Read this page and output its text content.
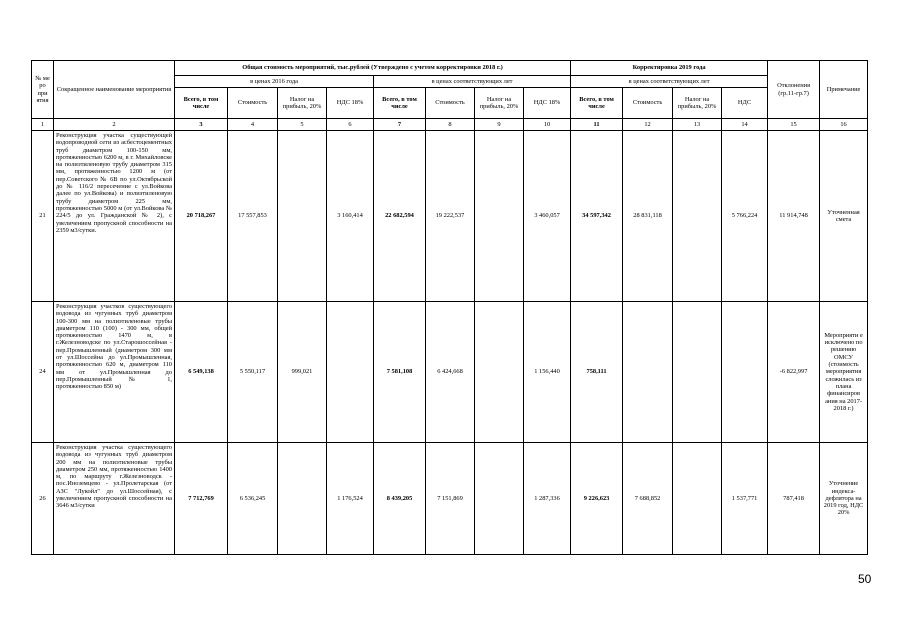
№ ме ро при ятия	Сокращенное наименование мероприятия	Общая стоимость мероприятий, тыс.рублей (Утверждено с учетом корректировки 2018 г.)								Корректировка 2019 года				Отклонения (гр.11-гр.7)	Примечание
		в ценах 2016 года				в ценах соответствующих лет				в ценах соответствующих лет					
		Всего, в том числе	Стоимость	Налог на прибыль, 20%	НДС 18%	Всего, в том числе	Стоимость	Налог на прибыль, 20%	НДС 18%	Всего, в том числе	Стоимость	Налог на прибыль, 20%	НДС		
1	2	3	4	5	6	7	8	9	10	11	12	13	14	15	16
21	Реконструкция участка существующей водопроводной сети из асбестоцементных труб диаметром 100-150 мм, протяженностью 6200 м, в г. Михайловске на полиэтиленовую трубу диаметром 315 мм, протяженностью 1200 м (от пер.Советского № 6В по ул.Октябрьской до № 116/2 пересечение с ул.Войкова далее по ул.Войкова) и полиэтиленовую трубу диаметром 225 мм, протяженностью 5000 м (от ул.Войкова № 224/5 до ул. Гражданской № 2), с увеличением пропускной способности на 2359 м3/сутки.	20 718,267	17 557,853		3 160,414	22 682,594	19 222,537		3 460,057	34 597,342	28 831,118		5 766,224	11 914,748	Уточненная смета
24	Реконструкция участков существующего водовода из чугунных труб диаметром 100-300 мм на полиэтиленовые трубы диаметром 110 (100) - 300 мм, общей протяженностью 1470 м, в г.Железноводске по ул.Старошоссейная - пер.Промышленный (диаметром 300 мм от ул.Шоссейна до ул.Промышленная, протяженностью 620 м, диаметром 110 мм от ул.Промышленная до пер.Промышленный № 1, протяженностью 850 м)	6 549,138	5 550,117	999,021		7 581,108	6 424,668		1 156,440	758,111				-6 822,997	Мероприяти е исключено по решению ОМСУ (стоимость мероприятия сложилась из плана финансиров ания на 2017-2018 г.)
26	Реконструкция участка существующего водовода из чугунных труб диаметром 200 мм на полиэтиленовые трубы диаметром 250 мм, протяженностью 1400 м, по маршруту г.Железноводск - пос.Иноземцево - ул.Пролетарская (от АЗС "Лукойл" до ул.Шоссейная), с увеличением пропускной способности на 3646 м3/сутки	7 712,769	6 536,245		1 176,524	8 439,205	7 151,869		1 287,336	9 226,623	7 688,852		1 537,771	787,418	Уточнение индекса-дефлятора на 2019 год, НДС 20%
50
